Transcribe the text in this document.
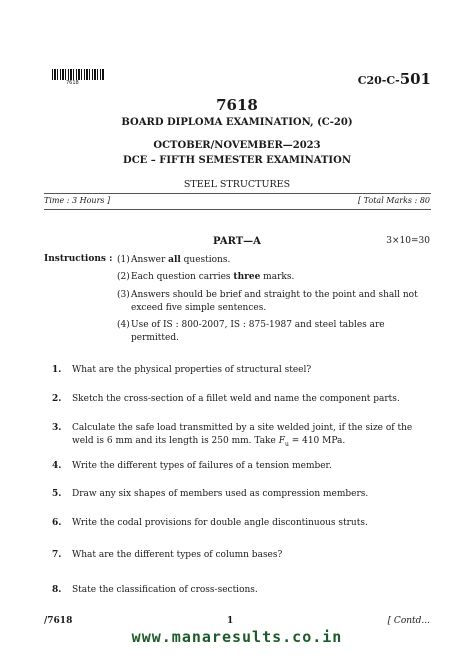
7618	C20-C-501
7618
BOARD DIPLOMA EXAMINATION, (C-20)
OCTOBER/NOVEMBER—2023
DCE – FIFTH SEMESTER EXAMINATION
STEEL STRUCTURES
Time : 3 Hours ]	[ Total Marks : 80
PART—A	3×10=30
Instructions : (1) Answer all questions.
(2) Each question carries three marks.
(3) Answers should be brief and straight to the point and shall not exceed five simple sentences.
(4) Use of IS : 800-2007, IS : 875-1987 and steel tables are permitted.
1.	What are the physical properties of structural steel?
2.	Sketch the cross-section of a fillet weld and name the component parts.
3.	Calculate the safe load transmitted by a site welded joint, if the size of the weld is 6 mm and its length is 250 mm. Take $F_u = 410$ MPa.
4.	Write the different types of failures of a tension member.
5.	Draw any six shapes of members used as compression members.
6.	Write the codal provisions for double angle discontinuous struts.
7.	What are the different types of column bases?
8.	State the classification of cross-sections.
/7618	1	[ Contd...
www.manaresults.co.in
